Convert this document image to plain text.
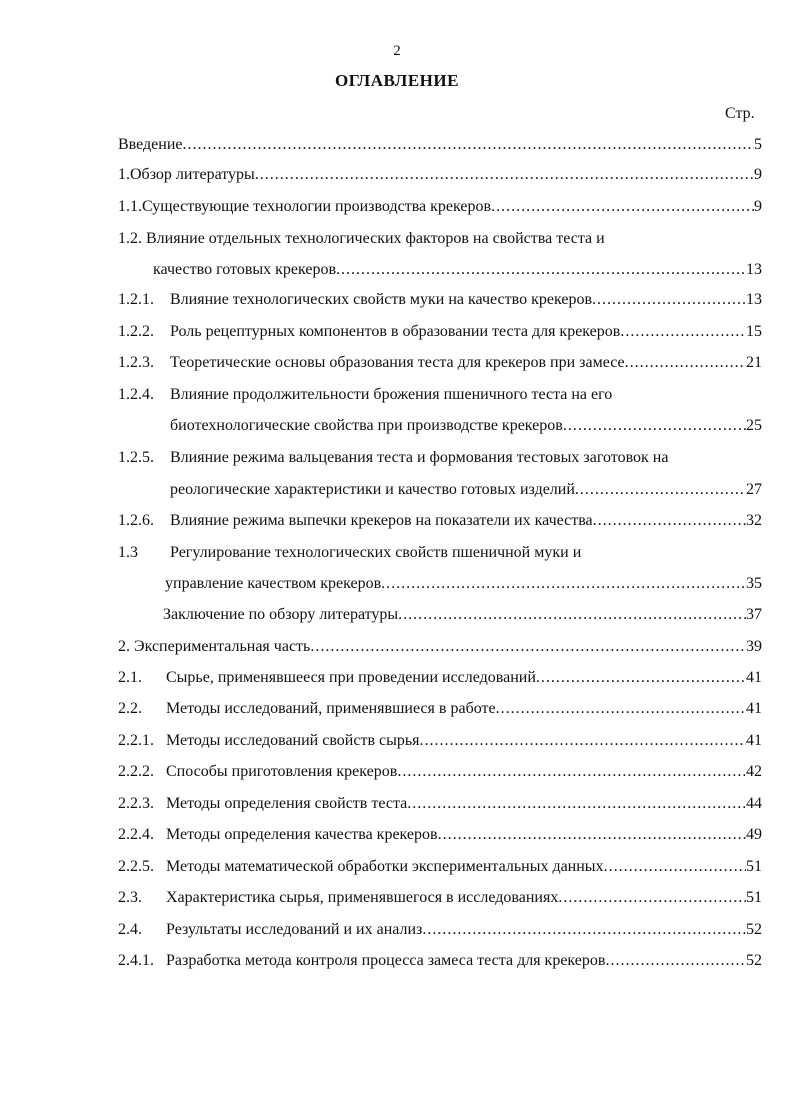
2
ОГЛАВЛЕНИЕ
Стр.
Введение .....	5
1.Обзор литературы .....	9
1.1.Существующие технологии производства крекеров .....	9
1.2. Влияние отдельных технологических факторов на свойства теста и
качество готовых крекеров .....	13
1.2.1.	Влияние технологических свойств муки на качество крекеров .....	13
1.2.2.	Роль рецептурных компонентов в образовании теста для крекеров .....	15
1.2.3.	Теоретические основы образования теста для крекеров при замесе .....	21
1.2.4.	Влияние продолжительности брожения пшеничного теста на его
биотехнологические свойства при производстве крекеров .....	25
1.2.5.	Влияние режима вальцевания теста и формования тестовых заготовок на
реологические характеристики и качество готовых изделий .....	27
1.2.6.	Влияние режима выпечки крекеров на показатели их качества .....	32
1.3	Регулирование технологических свойств пшеничной муки и
управление качеством крекеров .....	35
Заключение по обзору литературы .....	37
2. Экспериментальная часть .....	39
2.1.	Сырье, применявшееся при проведении исследований .....	41
2.2.	Методы исследований, применявшиеся в работе .....	41
2.2.1. Методы исследований свойств сырья .....	41
2.2.2. Способы приготовления крекеров .....	42
2.2.3. Методы определения свойств теста .....	44
2.2.4. Методы определения качества крекеров .....	49
2.2.5. Методы математической обработки экспериментальных данных .....	51
2.3.	Характеристика сырья, применявшегося в исследованиях .....	51
2.4.	Результаты исследований и их анализ .....	52
2.4.1. Разработка метода контроля процесса замеса теста для крекеров .....	52
